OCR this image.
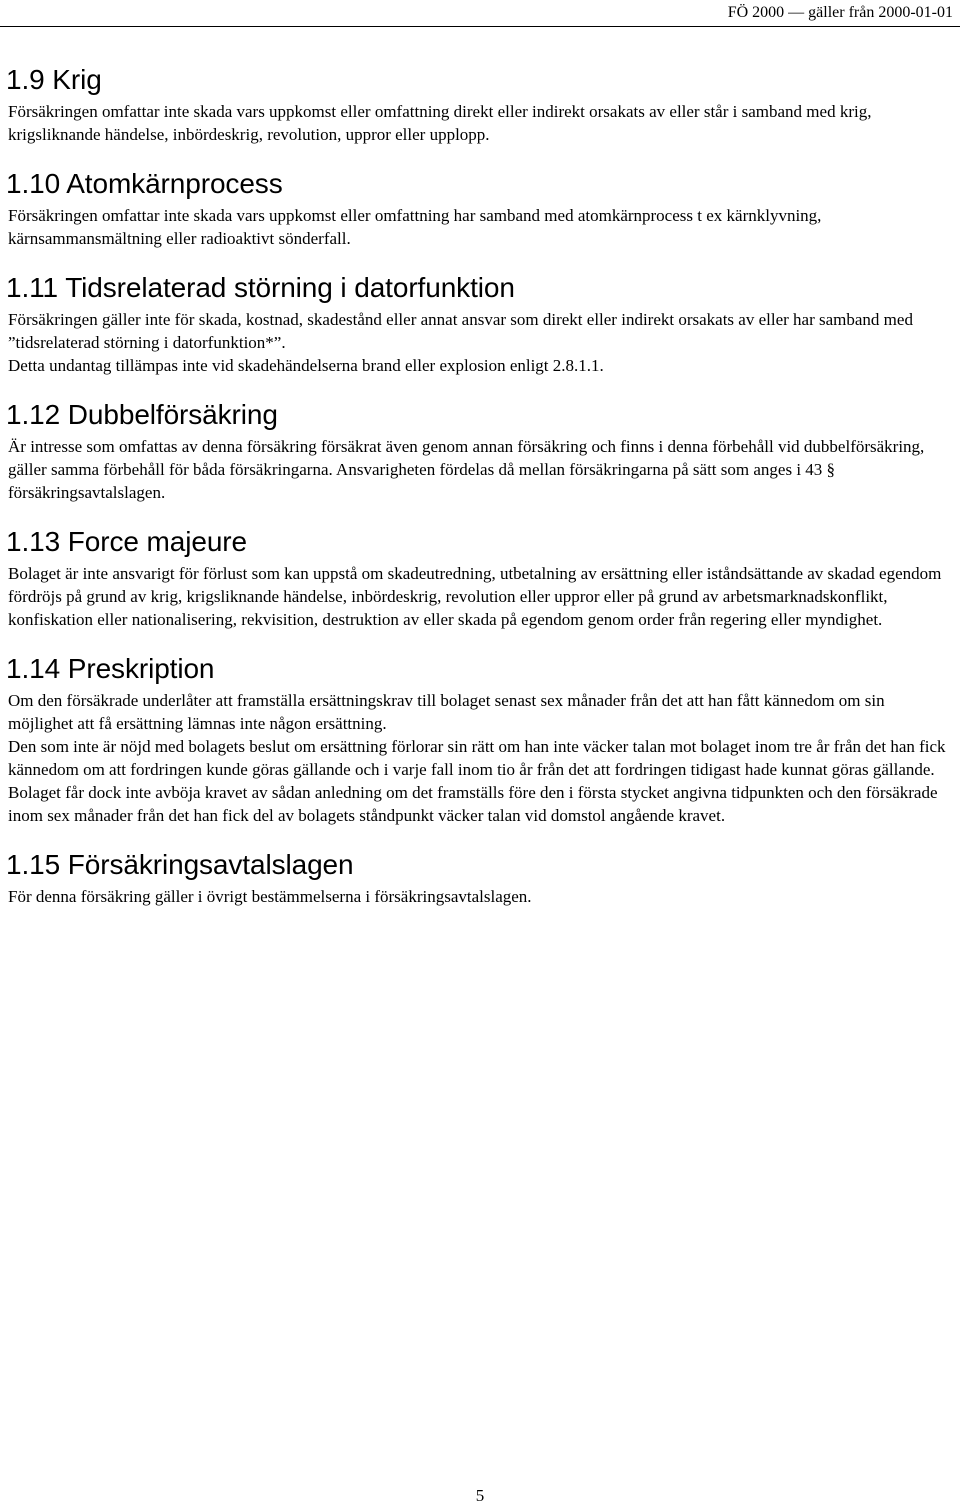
FÖ 2000 — gäller från 2000-01-01
1.9 Krig

Försäkringen omfattar inte skada vars uppkomst eller omfattning direkt eller indirekt orsakats av eller står i samband med krig, krigsliknande händelse, inbördeskrig, revolution, uppror eller upplopp.

1.10 Atomkärnprocess

Försäkringen omfattar inte skada vars uppkomst eller omfattning har samband med atomkärnprocess t ex kärnklyvning, kärnsammansmältning eller radioaktivt sönderfall.

1.11 Tidsrelaterad störning i datorfunktion

Försäkringen gäller inte för skada, kostnad, skadestånd eller annat ansvar som direkt eller indirekt orsakats av eller har samband med ”tidsrelaterad störning i datorfunktion*”.

Detta undantag tillämpas inte vid skadehändelserna brand eller explosion enligt 2.8.1.1.

1.12 Dubbelförsäkring

Är intresse som omfattas av denna försäkring försäkrat även genom annan försäkring och finns i denna förbehåll vid dubbelförsäkring, gäller samma förbehåll för båda försäkringarna. Ansvarigheten fördelas då mellan försäkringarna på sätt som anges i 43 § försäkringsavtalslagen.

1.13 Force majeure

Bolaget är inte ansvarigt för förlust som kan uppstå om skadeutredning, utbetalning av ersättning eller iståndsättande av skadad egendom fördröjs på grund av krig, krigsliknande händelse, inbördeskrig, revolution eller uppror eller på grund av arbetsmarknadskonflikt, konfiskation eller nationalisering, rekvisition, destruktion av eller skada på egendom genom order från regering eller myndighet.

1.14 Preskription

Om den försäkrade underlåter att framställa ersättningskrav till bolaget senast sex månader från det att han fått kännedom om sin möjlighet att få ersättning lämnas inte någon ersättning.

Den som inte är nöjd med bolagets beslut om ersättning förlorar sin rätt om han inte väcker talan mot bolaget inom tre år från det han fick kännedom om att fordringen kunde göras gällande och i varje fall inom tio år från det att fordringen tidigast hade kunnat göras gällande.

Bolaget får dock inte avböja kravet av sådan anledning om det framställs före den i första stycket angivna tidpunkten och den försäkrade inom sex månader från det han fick del av bolagets ståndpunkt väcker talan vid domstol angående kravet.

1.15 Försäkringsavtalslagen

För denna försäkring gäller i övrigt bestämmelserna i försäkringsavtalslagen.

5
